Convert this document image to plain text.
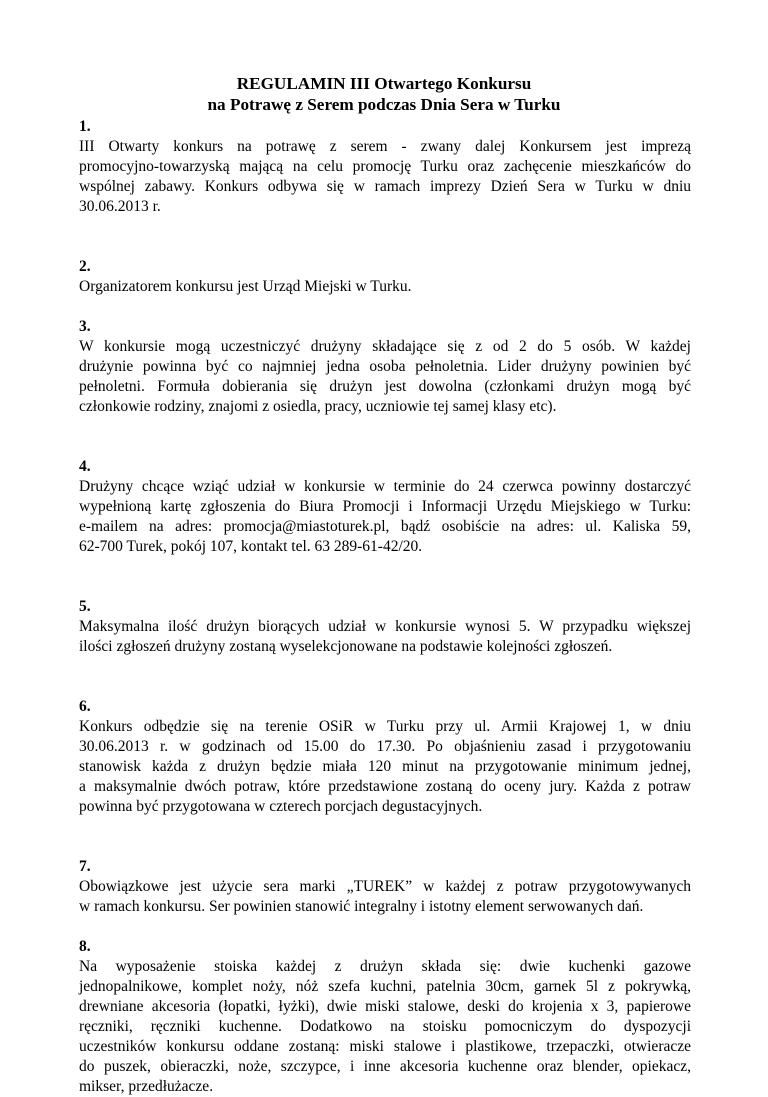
REGULAMIN III Otwartego Konkursu
na Potrawę z Serem podczas Dnia Sera w Turku

1.

III Otwarty konkurs na potrawę z serem - zwany dalej Konkursem jest imprezą
promocyjno-towarzyską mającą na celu promocję Turku oraz zachęcenie mieszkańców do
wspólnej zabawy. Konkurs odbywa się w ramach imprezy Dzień Sera w Turku w dniu
30.06.2013 r.

2.

Organizatorem konkursu jest Urząd Miejski w Turku.

3.

W konkursie mogą uczestniczyć drużyny składające się z od 2 do 5 osób. W każdej
drużynie powinna być co najmniej jedna osoba pełnoletnia. Lider drużyny powinien być
pełnoletni. Formuła dobierania się drużyn jest dowolna (członkami drużyn mogą być
członkowie rodziny, znajomi z osiedla, pracy, uczniowie tej samej klasy etc).

4.

Drużyny chcące wziąć udział w konkursie w terminie do 24 czerwca powinny dostarczyć
wypełnioną kartę zgłoszenia do Biura Promocji i Informacji Urzędu Miejskiego w Turku:
e-mailem na adres: promocja@miastoturek.pl, bądź osobiście na adres: ul. Kaliska 59,
62-700 Turek, pokój 107, kontakt tel. 63 289-61-42/20.

5.

Maksymalna ilość drużyn biorących udział w konkursie wynosi 5. W przypadku większej
ilości zgłoszeń drużyny zostaną wyselekcjonowane na podstawie kolejności zgłoszeń.

6.

Konkurs odbędzie się na terenie OSiR w Turku przy ul. Armii Krajowej 1, w dniu
30.06.2013 r. w godzinach od 15.00 do 17.30. Po objaśnieniu zasad i przygotowaniu
stanowisk każda z drużyn będzie miała 120 minut na przygotowanie minimum jednej,
a maksymalnie dwóch potraw, które przedstawione zostaną do oceny jury. Każda z potraw
powinna być przygotowana w czterech porcjach degustacyjnych.

7.

Obowiązkowe jest użycie sera marki „TUREK” w każdej z potraw przygotowywanych
w ramach konkursu. Ser powinien stanowić integralny i istotny element serwowanych dań.

8.

Na wyposażenie stoiska każdej z drużyn składa się: dwie kuchenki gazowe
jednopalnikowe, komplet noży, nóż szefa kuchni, patelnia 30cm, garnek 5l z pokrywką,
drewniane akcesoria (łopatki, łyżki), dwie miski stalowe, deski do krojenia x 3, papierowe
ręczniki, ręczniki kuchenne. Dodatkowo na stoisku pomocniczym do dyspozycji
uczestników konkursu oddane zostaną: miski stalowe i plastikowe, trzepaczki, otwieracze
do puszek, obieraczki, noże, szczypce, i inne akcesoria kuchenne oraz blender, opiekacz,
mikser, przedłużacze.
